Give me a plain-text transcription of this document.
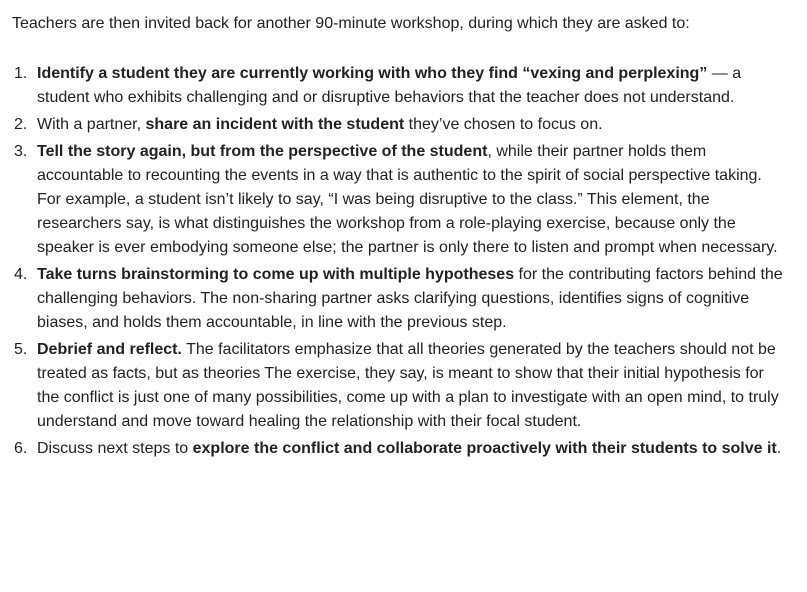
Teachers are then invited back for another 90-minute workshop, during which they are asked to:

1. Identify a student they are currently working with who they find “vexing and perplexing” — a student who exhibits challenging and or disruptive behaviors that the teacher does not understand.
2. With a partner, share an incident with the student they’ve chosen to focus on.
3. Tell the story again, but from the perspective of the student, while their partner holds them accountable to recounting the events in a way that is authentic to the spirit of social perspective taking. For example, a student isn’t likely to say, “I was being disruptive to the class.” This element, the researchers say, is what distinguishes the workshop from a role-playing exercise, because only the speaker is ever embodying someone else; the partner is only there to listen and prompt when necessary.
4. Take turns brainstorming to come up with multiple hypotheses for the contributing factors behind the challenging behaviors. The non-sharing partner asks clarifying questions, identifies signs of cognitive biases, and holds them accountable, in line with the previous step.
5. Debrief and reflect. The facilitators emphasize that all theories generated by the teachers should not be treated as facts, but as theories The exercise, they say, is meant to show that their initial hypothesis for the conflict is just one of many possibilities, come up with a plan to investigate with an open mind, to truly understand and move toward healing the relationship with their focal student.
6. Discuss next steps to explore the conflict and collaborate proactively with their students to solve it.
